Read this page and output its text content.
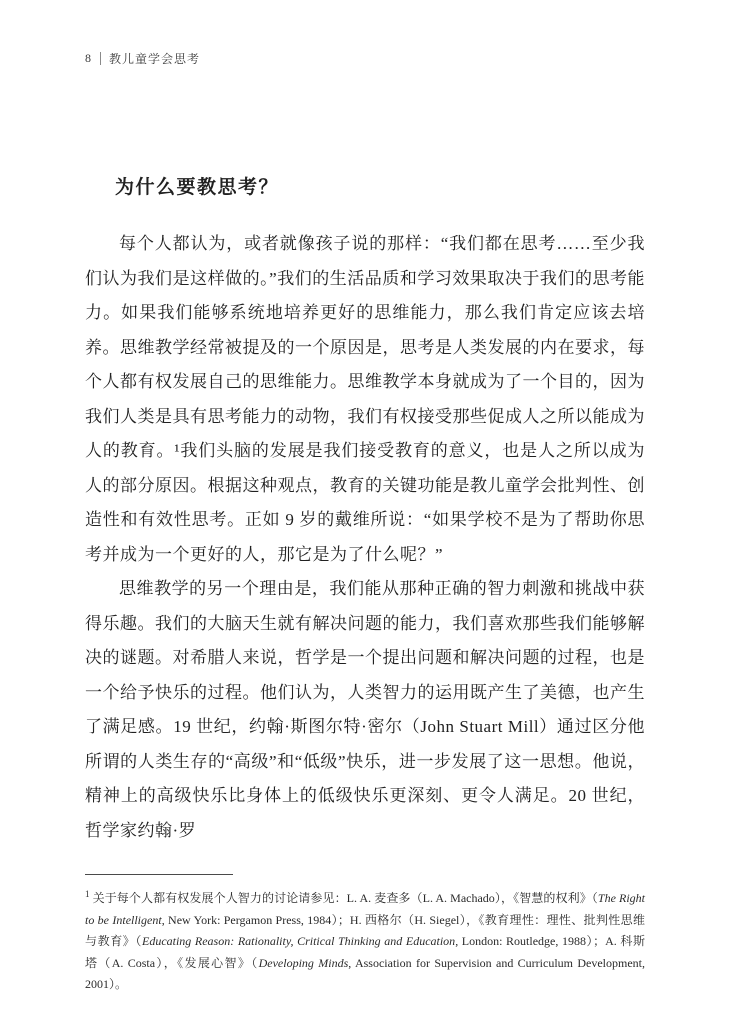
8 教儿童学会思考
为什么要教思考？

每个人都认为，或者就像孩子说的那样：“我们都在思考……至少我们认为我们是这样做的。”我们的生活品质和学习效果取决于我们的思考能力。如果我们能够系统地培养更好的思维能力，那么我们肯定应该去培养。思维教学经常被提及的一个原因是，思考是人类发展的内在要求，每个人都有权发展自己的思维能力。思维教学本身就成为了一个目的，因为我们人类是具有思考能力的动物，我们有权接受那些促成人之所以能成为人的教育。¹我们头脑的发展是我们接受教育的意义，也是人之所以成为人的部分原因。根据这种观点，教育的关键功能是教儿童学会批判性、创造性和有效性思考。正如 9 岁的戴维所说：“如果学校不是为了帮助你思考并成为一个更好的人，那它是为了什么呢？”

思维教学的另一个理由是，我们能从那种正确的智力刺激和挑战中获得乐趣。我们的大脑天生就有解决问题的能力，我们喜欢那些我们能够解决的谜题。对希腊人来说，哲学是一个提出问题和解决问题的过程，也是一个给予快乐的过程。他们认为，人类智力的运用既产生了美德，也产生了满足感。19 世纪，约翰·斯图尔特·密尔（John Stuart Mill）通过区分他所谓的人类生存的“高级”和“低级”快乐，进一步发展了这一思想。他说，精神上的高级快乐比身体上的低级快乐更深刻、更令人满足。20 世纪，哲学家约翰·罗

$^1$ 关于每个人都有权发展个人智力的讨论请参见：L. A. 麦查多（L. A. Machado），《智慧的权利》（The Right to be Intelligent, New York: Pergamon Press, 1984）；H. 西格尔（H. Siegel），《教育理性：理性、批判性思维与教育》（Educating Reason: Rationality, Critical Thinking and Education, London: Routledge, 1988）；A. 科斯塔（A. Costa），《发展心智》（Developing Minds, Association for Supervision and Curriculum Development, 2001）。
